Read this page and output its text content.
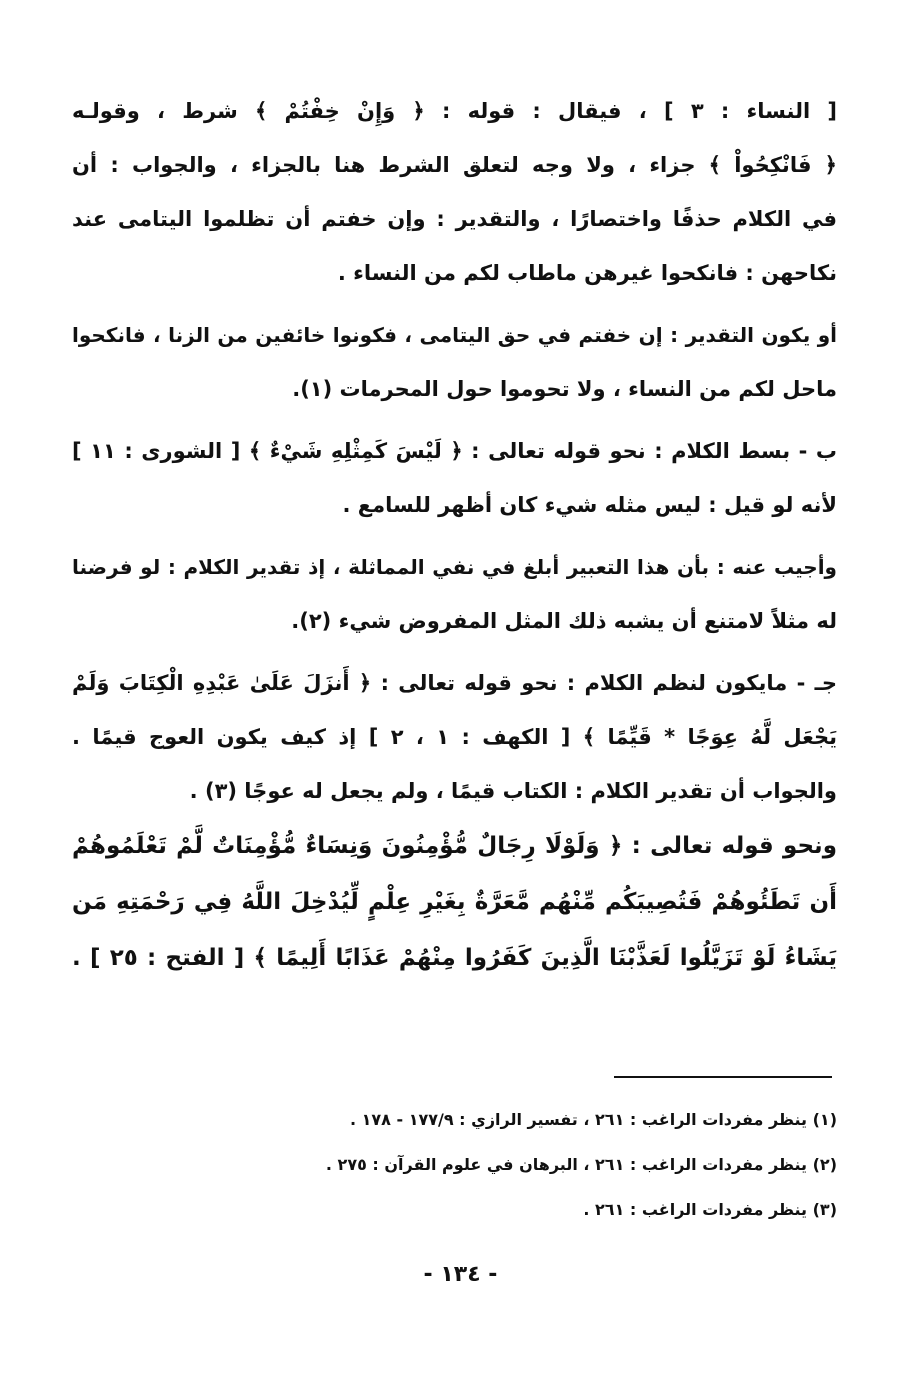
[ النساء : ٣ ] ، فيقال : قوله : ﴿ وَإِنْ خِفْتُمْ ﴾ شرط ، وقولـه
﴿ فَانْكِحُواْ ﴾ جزاء ، ولا وجه لتعلق الشرط هنا بالجزاء ، والجواب : أن
في الكلام حذفًا واختصارًا ، والتقدير : وإن خفتم أن تظلموا اليتامى عند
نكاحهن : فانكحوا غيرهن ماطاب لكم من النساء .
أو يكون التقدير : إن خفتم في حق اليتامى ، فكونوا خائفين من الزنا ، فانكحوا
ماحل لكم من النساء ، ولا تحوموا حول المحرمات (١).
ب - بسط الكلام : نحو قوله تعالى : ﴿ لَيْسَ كَمِثْلِهِ شَيْءٌ ﴾ [ الشورى : ١١ ]
لأنه لو قيل : ليس مثله شيء كان أظهر للسامع .
وأجيب عنه : بأن هذا التعبير أبلغ في نفي المماثلة ، إذ تقدير الكلام : لو فرضنا
له مثلاً لامتنع أن يشبه ذلك المثل المفروض شيء (٢).
جـ - مايكون لنظم الكلام : نحو قوله تعالى : ﴿ أَنزَلَ عَلَىٰ عَبْدِهِ الْكِتَابَ وَلَمْ
يَجْعَل لَّهُ عِوَجًا * قَيِّمًا ﴾ [ الكهف : ١ ، ٢ ] إذ كيف يكون العوج قيمًا .
والجواب أن تقدير الكلام : الكتاب قيمًا ، ولم يجعل له عوجًا (٣) .
ونحو قوله تعالى : ﴿ وَلَوْلَا رِجَالٌ مُّؤْمِنُونَ وَنِسَاءٌ مُّؤْمِنَاتٌ لَّمْ تَعْلَمُوهُمْ
أَن تَطَئُوهُمْ فَتُصِيبَكُم مِّنْهُم مَّعَرَّةٌ بِغَيْرِ عِلْمٍ لِّيُدْخِلَ اللَّهُ فِي رَحْمَتِهِ مَن
يَشَاءُ لَوْ تَزَيَّلُوا لَعَذَّبْنَا الَّذِينَ كَفَرُوا مِنْهُمْ عَذَابًا أَلِيمًا ﴾ [ الفتح : ٢٥ ] .
(١) ينظر مفردات الراغب : ٢٦١ ، تفسير الرازي : ١٧٧/٩ - ١٧٨ .
(٢) ينظر مفردات الراغب : ٢٦١ ، البرهان في علوم القرآن : ٢٧٥ .
(٣) ينظر مفردات الراغب : ٢٦١ .
- ١٣٤ -
